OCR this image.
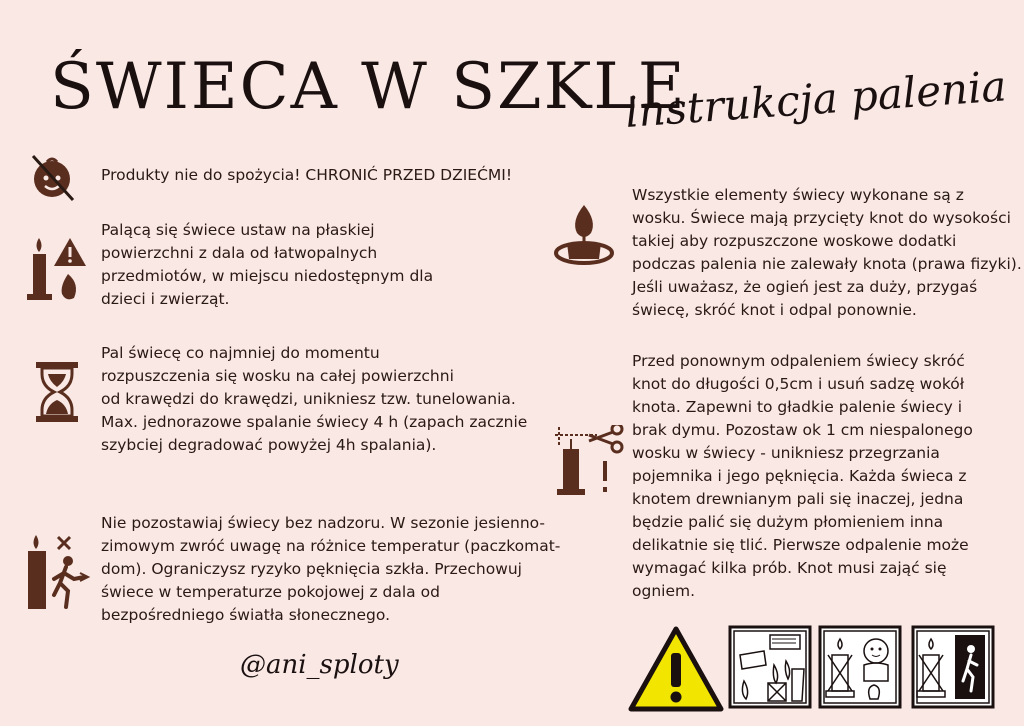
ŚWIECA W SZKLE
instrukcja palenia

Produkty nie do spożycia! CHRONIĆ PRZED DZIEĆMI!

Palącą się świece ustaw na płaskiej
powierzchni z dala od łatwopalnych
przedmiotów, w miejscu niedostępnym dla
dzieci i zwierząt.

Pal świecę co najmniej do momentu
rozpuszczenia się wosku na całej powierzchni
od krawędzi do krawędzi, unikniesz tzw. tunelowania.
Max. jednorazowe spalanie świecy 4 h (zapach zacznie
szybciej degradować powyżej 4h spalania).

Nie pozostawiaj świecy bez nadzoru. W sezonie jesienno-
zimowym zwróć uwagę na różnice temperatur (paczkomat-
dom). Ograniczysz ryzyko pęknięcia szkła. Przechowuj
świece w temperaturze pokojowej z dala od
bezpośredniego światła słonecznego.

@ani_sploty

Wszystkie elementy świecy wykonane są z
wosku. Świece mają przycięty knot do wysokości
takiej aby rozpuszczone woskowe dodatki
podczas palenia nie zalewały knota (prawa fizyki).
Jeśli uważasz, że ogień jest za duży, przygaś
świecę, skróć knot i odpal ponownie.

Przed ponownym odpaleniem świecy skróć
knot do długości 0,5cm i usuń sadzę wokół
knota. Zapewni to gładkie palenie świecy i
brak dymu. Pozostaw ok 1 cm niespalonego
wosku w świecy - unikniesz przegrzania
pojemnika i jego pęknięcia. Każda świeca z
knotem drewnianym pali się inaczej, jedna
będzie palić się dużym płomieniem inna
delikatnie się tlić. Pierwsze odpalenie może
wymagać kilka prób. Knot musi zająć się
ogniem.
